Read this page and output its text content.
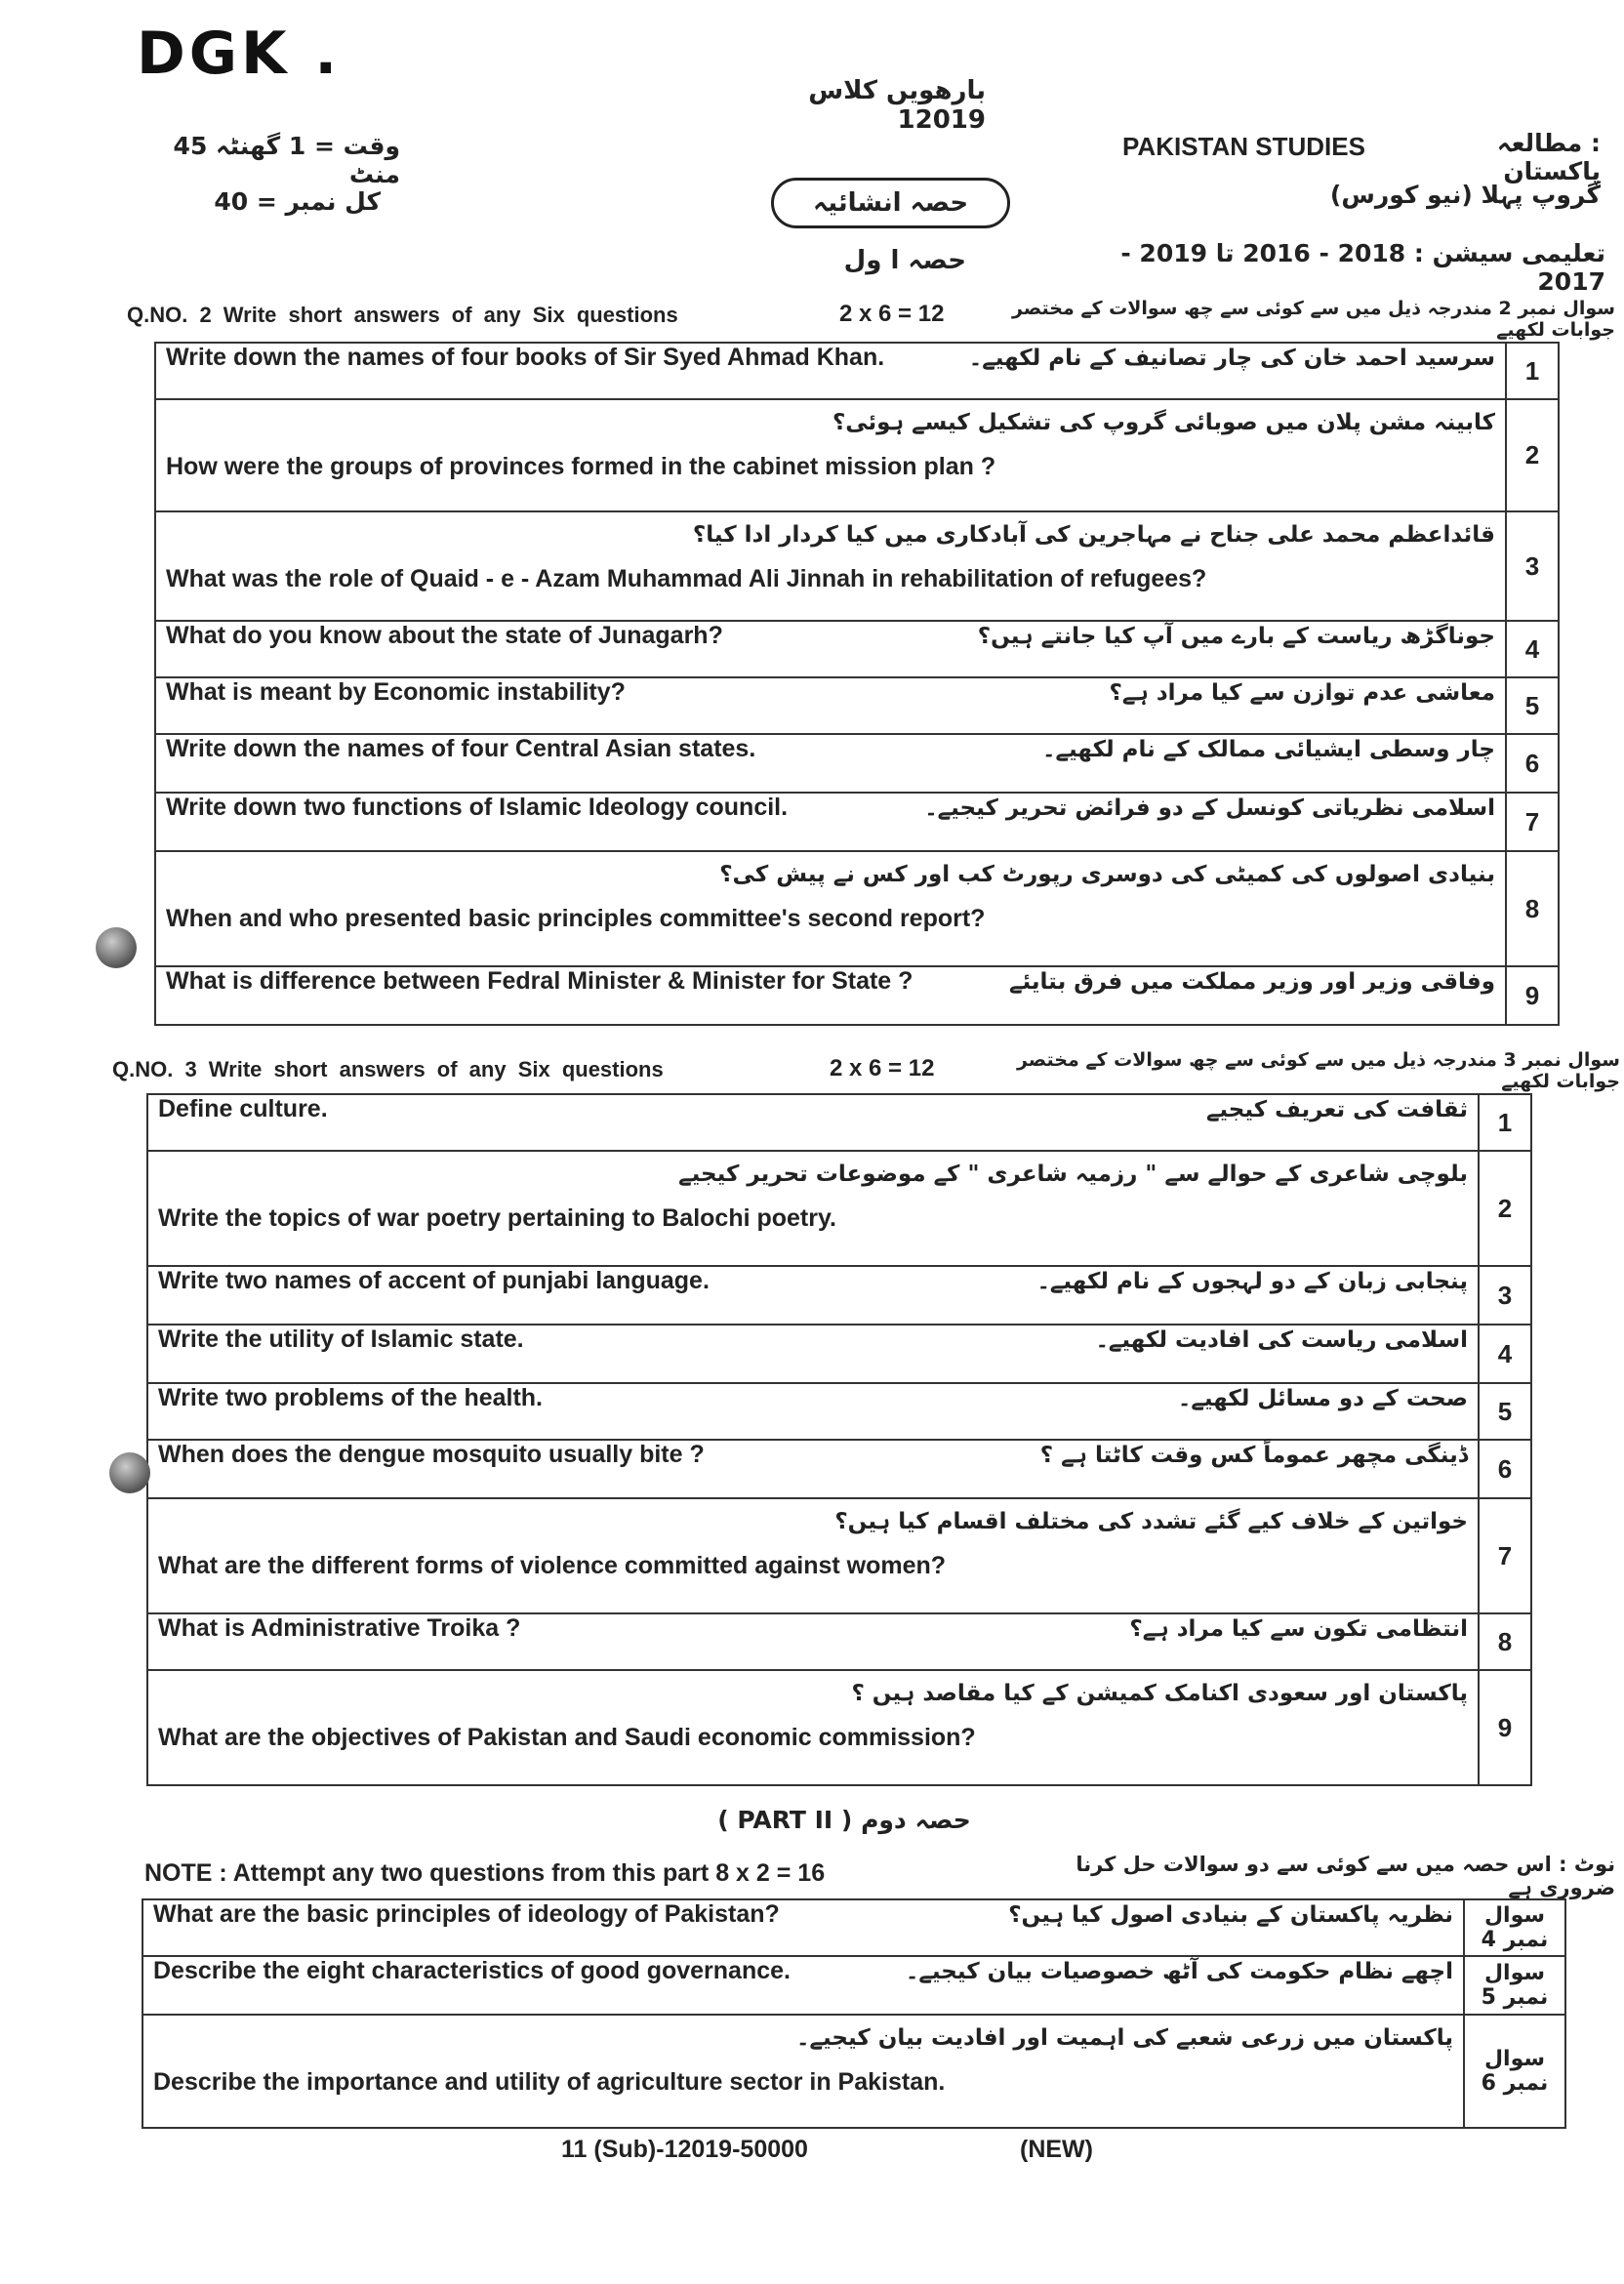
DGK .
بارھویں کلاس 12019
وقت = 1 گھنٹہ 45 منٹ
کل نمبر = 40
PAKISTAN STUDIES	: مطالعہ پاکستان
حصہ انشائیہ	گروپ پہلا (نیو کورس)
حصہ ا ول	تعلیمی سیشن : 2018 - 2016 تا 2019 - 2017
Q.NO. 2 Write short answers of any Six questions	2 x 6 = 12	سوال نمبر 2 مندرجہ ذیل میں سے کوئی سے چھ سوالات کے مختصر جوابات لکھیے
Write down the names of four books of Sir Syed Ahmad Khan. سرسید احمد خان کی چار تصانیف کے نام لکھیے۔	1

کابینہ مشن پلان میں صوبائی گروپ کی تشکیل کیسے ہوئی؟
How were the groups of provinces formed in the cabinet mission plan ?	2

قائداعظم محمد علی جناح نے مہاجرین کی آبادکاری میں کیا کردار ادا کیا؟
What was the role of Quaid - e - Azam Muhammad Ali Jinnah in rehabilitation of refugees?	3

What do you know about the state of Junagarh? جوناگڑھ ریاست کے بارے میں آپ کیا جانتے ہیں؟	4

What is meant by Economic instability? معاشی عدم توازن سے کیا مراد ہے؟	5

Write down the names of four Central Asian states. چار وسطی ایشیائی ممالک کے نام لکھیے۔	6

Write down two functions of Islamic Ideology council. اسلامی نظریاتی کونسل کے دو فرائض تحریر کیجیے۔	7

بنیادی اصولوں کی کمیٹی کی دوسری رپورٹ کب اور کس نے پیش کی؟
When and who presented basic principles committee's second report?	8

What is difference between Fedral Minister & Minister for State ? وفاقی وزیر اور وزیر مملکت میں فرق بتایئے	9
Q.NO. 3 Write short answers of any Six questions	2 x 6 = 12	سوال نمبر 3 مندرجہ ذیل میں سے کوئی سے چھ سوالات کے مختصر جوابات لکھیے
Define culture. ثقافت کی تعریف کیجیے	1

بلوچی شاعری کے حوالے سے " رزمیہ شاعری " کے موضوعات تحریر کیجیے
Write the topics of war poetry pertaining to Balochi poetry.	2

Write two names of accent of punjabi language. پنجابی زبان کے دو لہجوں کے نام لکھیے۔	3

Write the utility of Islamic state. اسلامی ریاست کی افادیت لکھیے۔	4

Write two problems of the health. صحت کے دو مسائل لکھیے۔	5

When does the dengue mosquito usually bite ? ڈینگی مچھر عموماً کس وقت کاٹتا ہے ؟	6

خواتین کے خلاف کیے گئے تشدد کی مختلف اقسام کیا ہیں؟
What are the different forms of violence committed against women?	7

What is Administrative Troika ? انتظامی تکون سے کیا مراد ہے؟	8

پاکستان اور سعودی اکنامک کمیشن کے کیا مقاصد ہیں ؟
What are the objectives of Pakistan and Saudi economic commission?	9
( PART II ) حصہ دوم
NOTE : Attempt any two questions from this part 8 x 2 = 16	نوٹ : اس حصہ میں سے کوئی سے دو سوالات حل کرنا ضروری ہے
What are the basic principles of ideology of Pakistan? نظریہ پاکستان کے بنیادی اصول کیا ہیں؟	سوال نمبر 4

Describe the eight characteristics of good governance. اچھے نظام حکومت کی آٹھ خصوصیات بیان کیجیے۔	سوال نمبر 5

پاکستان میں زرعی شعبے کی اہمیت اور افادیت بیان کیجیے۔
Describe the importance and utility of agriculture sector in Pakistan.	سوال نمبر 6
11 (Sub)-12019-50000	(NEW)
